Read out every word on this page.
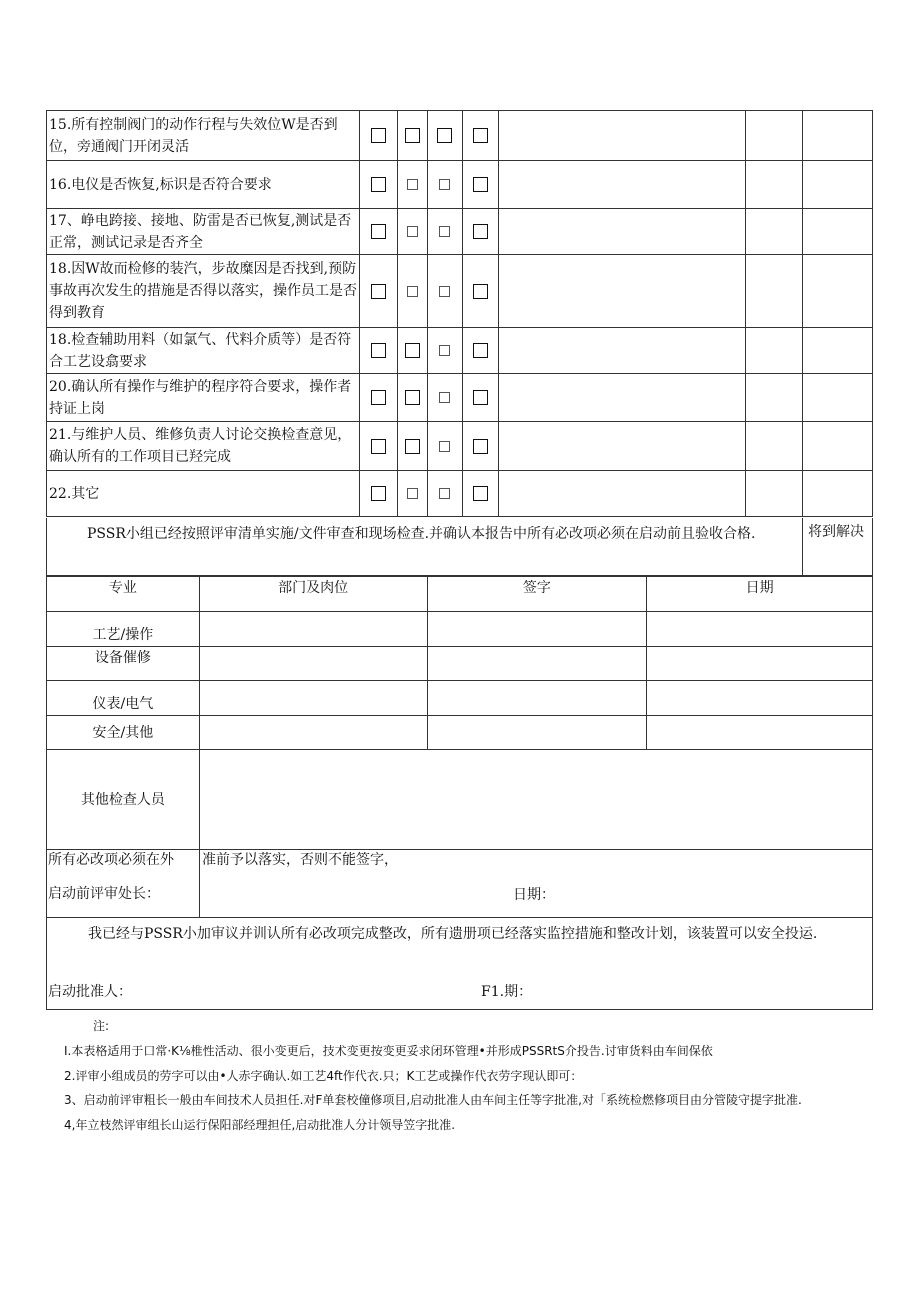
15.所有控制阀门的动作行程与失效位W是否到位，旁通阀门开闭灵活							
16.电仪是否恢复,标识是否符合要求							
17、峥电跨接、接地、防雷是否已恢复,测试是否正常，测试记录是否齐全							
18.因W故而检修的装汽，步故糜因是否找到,预防事故再次发生的措施是否得以落实，操作员工是否得到教育							
18.检查辅助用料（如氯气、代料介质等）是否符合工艺设翕要求							
20.确认所有操作与维护的程序符合要求，操作者持证上岗							
21.与维护人员、维修负责人讨论交换检查意见，确认所有的工作项目已羟完成							
22.其它							
PSSR小组已经按照评审清单实施/文件审查和现场检查.并确认本报告中所有必改项必须在启动前且验收合格.	将到解决
专业	部门及肉位	签字	日期
工艺/操作			
设备催修			
仪表/电气			
安全/其他			
其他检查人员			
所有必改项必须在外 准前予以落实，否则不能签字，
启动前评审处长：	日期：
我已经与PSSR小加审议并训认所有必改项完成整改，所有遗册项已经落实监控措施和整改计划，该装置可以安全投运.
启动批准人：	F1.期：
注:
I.本表格适用于口常·K⅛椎性活动、很小变更后，技术变更按变更妥求闭环管理•并形成PSSRtS介投告.讨审货料由车间保依
2.评审小组成员的劳字可以由•人赤字确认.如工艺4ft作代衣.只；K工艺或操作代衣劳字现认即可：
3、启动前评审粗长一般由车间技术人员担任.对F单套校僮修项目,启动批准人由车间主任等字批准,对「系统检燃修项目由分管陵守提字批准.
4,年立枝然评审组长山运行保阳部经理担任,启动批准人分计领导笠字批准.
